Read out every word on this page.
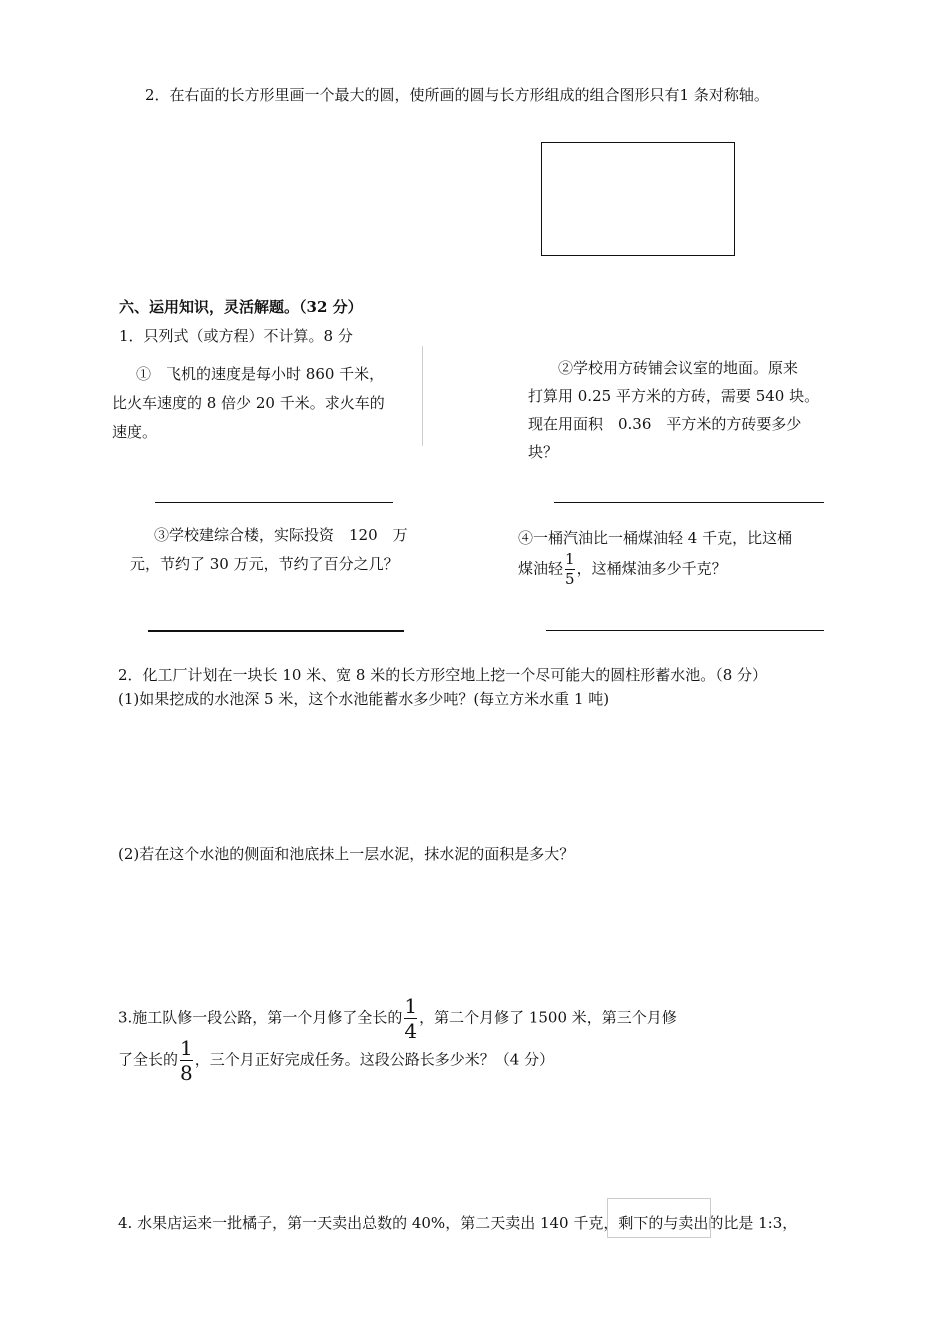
2．在右面的长方形里画一个最大的圆，使所画的圆与长方形组成的组合图形只有1 条对称轴。
六、运用知识，灵活解题。（32 分）
1．只列式（或方程）不计算。8 分
①　飞机的速度是每小时 860 千米，
比火车速度的 8 倍少 20 千米。求火车的
速度。
②学校用方砖铺会议室的地面。原来
打算用 0.25 平方米的方砖，需要 540 块。
现在用面积　0.36　平方米的方砖要多少
块？
③学校建综合楼，实际投资　120　万
元，节约了 30 万元，节约了百分之几？
④一桶汽油比一桶煤油轻 4 千克，比这桶
煤油轻 $\frac{1}{5}$ ，这桶煤油多少千克？
2．化工厂计划在一块长 10 米、宽 8 米的长方形空地上挖一个尽可能大的圆柱形蓄水池。（8 分）
(1)如果挖成的水池深 5 米，这个水池能蓄水多少吨？(每立方米水重 1 吨)
(2)若在这个水池的侧面和池底抹上一层水泥，抹水泥的面积是多大？
3.施工队修一段公路，第一个月修了全长的 $\frac{1}{4}$ ，第二个月修了 1500 米，第三个月修
了全长的 $\frac{1}{8}$ ，三个月正好完成任务。这段公路长多少米？（4 分）
4. 水果店运来一批橘子，第一天卖出总数的 40%，第二天卖出 140 千克，剩下的与卖出的比是 1:3，
